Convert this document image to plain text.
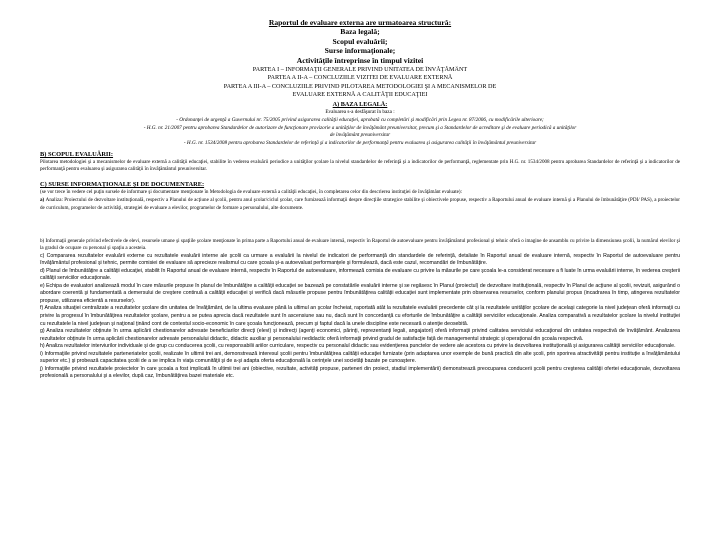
Raportul de evaluare externa are urmatoarea structură:
Baza legală;
Scopul evaluării;
Surse informaţionale;
Activităţile întreprinse în timpul vizitei
PARTEA I – INFORMAŢII GENERALE PRIVIND UNITATEA DE ÎNVĂŢĂMÂNT
PARTEA A II-A – CONCLUZIILE VIZITEI DE EVALUARE EXTERNĂ
PARTEA A III-A – CONCLUZIILE PRIVIND PILOTAREA METODOLOGIEI ŞI A MECANISMELOR DE
EVALUARE EXTERNĂ A CALITĂŢII EDUCAŢIEI
A) BAZA LEGALĂ:
Evaluarea s-a desfăşurat în baza :
- Ordonanţei de urgenţă a Guvernului nr. 75/2005 privind asigurarea calităţii educaţiei, aprobată cu completări şi modificări prin Legea nr. 87/2006, cu modificările ulterioare;
- H.G. nr. 21/2007 pentru aprobarea Standardelor de autorizare de funcţionare provizorie a unităţilor de învăţământ preuniversitar, precum şi a Standardelor de acreditare şi de evaluare periodică a unităţilor
de învăţământ preuniversitar
- H.G. nr. 1534/2008 pentru aprobarea Standardelor de referinţă şi a indicatorilor de performanţă pentru evaluarea şi asigurarea calităţii în învăţământul preuniversitar
B) SCOPUL EVALUĂRII:
Pilotarea metodologiei şi a mecanismelor de evaluare externă a calităţii educaţiei, stabilite în vederea evaluării periodice a unităţilor şcolare la nivelul standardelor de referinţă şi a indicatorilor de performanţă, reglementate prin H.G. nr. 1534/2008 pentru aprobarea Standardelor de referinţă şi a indicatorilor de performanţă pentru evaluarea şi asigurarea calităţii în învăţământul preuniversitar.
C) SURSE INFORMAŢIONALE ŞI DE DOCUMENTARE:
(se vor trece în vedere cel puţin sursele de informare şi documentare menţionate în Metodologia de evaluare externă a calităţii educaţiei, în completarea celor din descrierea instituţiei de învăţământ evaluate):
a) Analiza: Proiectului de dezvoltare instituţională, respectiv a Planului de acţiune al şcolii, pentru anul şcolar/ciclul şcolar, care furnizează informaţii despre direcţiile strategice stabilite şi obiectivele propuse, respectiv a Raportului anual de evaluare internă şi a Planului de îmbunătăţire (PDI/ PAS), a proiectelor de curriculum, programelor de activităţi, strategiei de evaluare a elevilor, programelor de formare a personalului, alte documente.
b) Informaţii generale privind efectivele de elevi, resursele umane şi spaţiile şcolare menţionate în prima parte a Raportului anual de evaluare internă, respectiv în Raportul de autoevaluare pentru învăţământul profesional şi tehnic oferă o imagine de ansamblu cu privire la dimensiunea şcolii, la numărul elevilor şi la gradul de ocupare cu personal şi spaţiu a acesteia.
c) Compararea rezultatelor evaluării externe cu rezultatele evaluării interne ale şcolii ca urmare a evaluării la nivelul de indicatori de performanţă din standardele de referinţă, detaliate în Raportul anual de evaluare internă, respectiv în Raportul de autoevaluare pentru învăţământul profesional şi tehnic, permite comisiei de evaluare să aprecieze realismul cu care şcoala şi-a autoevaluat performanţele şi formulează, dacă este cazul, recomandări de îmbunătăţire.
d) Planul de îmbunătăţire a calităţii educaţiei, stabilit în Raportul anual de evaluare internă, respectiv în Raportul de autoevaluare, informează comisia de evaluare cu privire la măsurile pe care şcoala le-a considerat necesare a fi luate în urma evaluării interne, în vederea creşterii calităţii serviciilor educaţionale.
e) Echipa de evaluatori analizează modul în care măsurile propuse în planul de îmbunătăţire a calităţii educaţiei se bazează pe constatările evaluării interne şi se regăsesc în Planul (proiectul) de dezvoltare instituţională, respectiv în Planul de acţiune al şcolii, revizuit, asigurând o abordare coerentă şi fundamentată a demersului de creştere continuă a calităţii educaţiei şi verifică dacă măsurile propuse pentru îmbunătăţirea calităţii educaţiei sunt implementate prin observarea resurselor, conform planului propus (incadrarea în timp, atingerea rezultatelor propuse, utilizarea eficientă a resurselor).
f) Analiza situaţiei centralizate a rezultatelor şcolare din unitatea de învăţământ, de la ultima evaluare până la ultimul an şcolar încheiat, raportată atât la rezultatele evaluării precedente cât şi la rezultatele unităţilor şcolare de acelaşi categorie la nivel judeţean oferă informaţii cu privire la progresul în îmbunătăţirea rezultatelor şcolare, pentru a se putea aprecia dacă rezultatele sunt în ascensiune sau nu, dacă sunt în concordanţă cu eforturile de îmbunătăţire a calităţii serviciilor educaţionale. Analiza comparativă a rezultatelor şcolare la nivelul instituţiei cu rezultatele la nivel judeţean şi naţional ţinând cont de contextul socio-economic în care şcoala funcţionează, precum şi faptul dacă la unele discipline este necesară o atenţie deosebită.
g) Analiza rezultatelor obţinute în urma aplicării chestionarelor adresate beneficiarilor direcţi (elevi) şi indirecţi (agenţi economici, părinţi, reprezentanţi legali, angajatori) oferă informaţii privind calitatea serviciului educaţional din unitatea respectivă de învăţământ. Analizarea rezultatelor obţinute în urma aplicării chestionarelor adresate personalului didactic, didactic auxiliar şi personalului nedidactic oferă informaţii privind gradul de satisfacţie faţă de managementul strategic şi operaţional din şcoala respectivă.
h) Analiza rezultatelor interviurilor individuale şi de grup cu conducerea şcolii, cu responsabilii ariilor curriculare, respectiv cu personalul didactic sau evidenţierea punctelor de vedere ale acestora cu privire la dezvoltarea instituţională şi asigurarea calităţii serviciilor educaţionale.
i) Informaţiile privind rezultatele parteneriatelor şcolii, realizate în ultimii trei ani, demonstrează interesul şcolii pentru îmbunătăţirea calităţii educaţiei furnizate (prin adaptarea unor exemple de bună practică din alte şcoli, prin sporirea atractivităţii pentru instituţie a învăţământului superior etc.) şi probează capacitatea şcolii de a se implica în viaţa comunităţii şi de a-şi adapta oferta educaţională la cerinţele unei societăţi bazate pe cunoaştere.
j) Informaţiile privind rezultatele proiectelor în care şcoala a fost implicată în ultimii trei ani (obiective, rezultate, activităţi propuse, parteneri din proiect, stadiul implementării) demonstrează preocuparea conducerii şcolii pentru creşterea calităţii ofertei educaţionale, dezvoltarea profesională a personalului şi a elevilor, după caz, îmbunătăţirea bazei materiale etc.
